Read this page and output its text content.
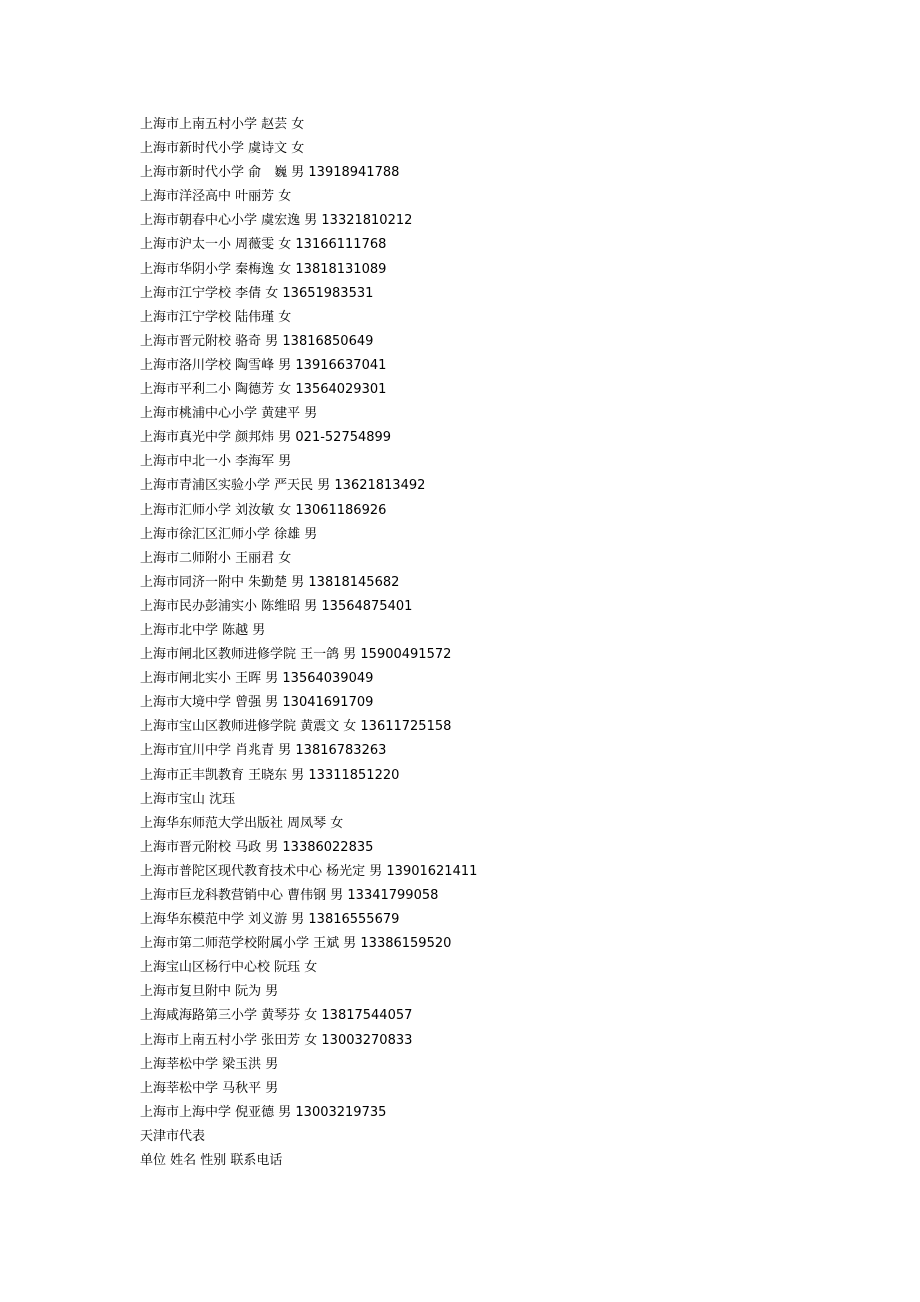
上海市上南五村小学 赵芸 女
上海市新时代小学 虞诗文 女
上海市新时代小学 俞　巍 男 13918941788
上海市洋泾高中 叶丽芳 女
上海市朝春中心小学 虞宏逸 男 13321810212
上海市沪太一小 周薇雯 女 13166111768
上海市华阴小学 秦梅逸 女 13818131089
上海市江宁学校 李倩 女 13651983531
上海市江宁学校 陆伟瑾 女
上海市晋元附校 骆奇 男 13816850649
上海市洛川学校 陶雪峰 男 13916637041
上海市平利二小 陶德芳 女 13564029301
上海市桃浦中心小学 黄建平 男
上海市真光中学 颜邦炜 男 021-52754899
上海市中北一小 李海军 男
上海市青浦区实验小学 严天民 男 13621813492
上海市汇师小学 刘汝敏 女 13061186926
上海市徐汇区汇师小学 徐雄 男
上海市二师附小 王丽君 女
上海市同济一附中 朱勤楚 男 13818145682
上海市民办彭浦实小 陈维昭 男 13564875401
上海市北中学 陈越 男
上海市闸北区教师进修学院 王一鸽 男 15900491572
上海市闸北实小 王晖 男 13564039049
上海市大境中学 曾强 男 13041691709
上海市宝山区教师进修学院 黄震文 女 13611725158
上海市宜川中学 肖兆青 男 13816783263
上海市正丰凯教育 王晓东 男 13311851220
上海市宝山 沈珏
上海华东师范大学出版社 周凤琴 女
上海市晋元附校 马政 男 13386022835
上海市普陀区现代教育技术中心 杨光定 男 13901621411
上海市巨龙科教营销中心 曹伟钢 男 13341799058
上海华东模范中学 刘义游 男 13816555679
上海市第二师范学校附属小学 王斌 男 13386159520
上海宝山区杨行中心校 阮珏 女
上海市复旦附中 阮为 男
上海咸海路第三小学 黄琴芬 女 13817544057
上海市上南五村小学 张田芳 女 13003270833
上海莘松中学 梁玉洪 男
上海莘松中学 马秋平 男
上海市上海中学 倪亚德 男 13003219735
天津市代表
单位 姓名 性别 联系电话
